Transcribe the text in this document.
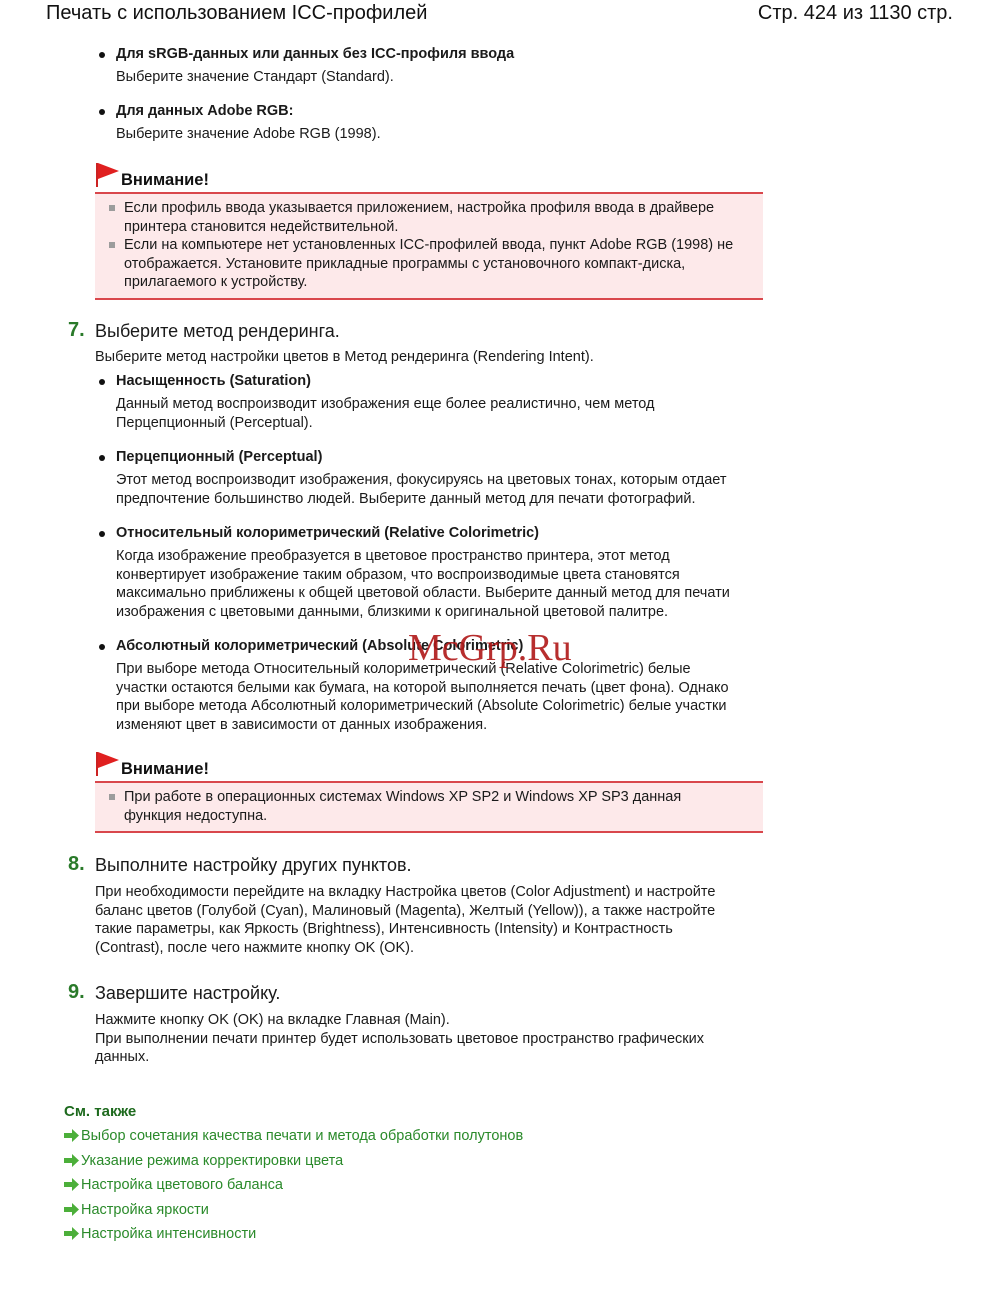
Печать с использованием ICC-профилей	Стр. 424 из 1130 стр.
Для sRGB-данных или данных без ICC-профиля ввода
Выберите значение Стандарт (Standard).
Для данных Adobe RGB:
Выберите значение Adobe RGB (1998).
Внимание!
Если профиль ввода указывается приложением, настройка профиля ввода в драйвере
принтера становится недействительной.
Если на компьютере нет установленных ICC-профилей ввода, пункт Adobe RGB (1998) не
отображается. Установите прикладные программы с установочного компакт-диска,
прилагаемого к устройству.
7. Выберите метод рендеринга.
Выберите метод настройки цветов в Метод рендеринга (Rendering Intent).
Насыщенность (Saturation)
Данный метод воспроизводит изображения еще более реалистично, чем метод
Перцепционный (Perceptual).
Перцепционный (Perceptual)
Этот метод воспроизводит изображения, фокусируясь на цветовых тонах, которым отдает
предпочтение большинство людей. Выберите данный метод для печати фотографий.
Относительный колориметрический (Relative Colorimetric)
Когда изображение преобразуется в цветовое пространство принтера, этот метод
конвертирует изображение таким образом, что воспроизводимые цвета становятся
максимально приближены к общей цветовой области. Выберите данный метод для печати
изображения с цветовыми данными, близкими к оригинальной цветовой палитре.
Абсолютный колориметрический (Absolute Colorimetric)
При выборе метода Относительный колориметрический (Relative Colorimetric) белые
участки остаются белыми как бумага, на которой выполняется печать (цвет фона). Однако
при выборе метода Абсолютный колориметрический (Absolute Colorimetric) белые участки
изменяют цвет в зависимости от данных изображения.
McGrp.Ru
Внимание!
При работе в операционных системах Windows XP SP2 и Windows XP SP3 данная
функция недоступна.
8. Выполните настройку других пунктов.
При необходимости перейдите на вкладку Настройка цветов (Color Adjustment) и настройте
баланс цветов (Голубой (Cyan), Малиновый (Magenta), Желтый (Yellow)), а также настройте
такие параметры, как Яркость (Brightness), Интенсивность (Intensity) и Контрастность
(Contrast), после чего нажмите кнопку OK (OK).
9. Завершите настройку.
Нажмите кнопку OK (OK) на вкладке Главная (Main).
При выполнении печати принтер будет использовать цветовое пространство графических
данных.
См. также
Выбор сочетания качества печати и метода обработки полутонов
Указание режима корректировки цвета
Настройка цветового баланса
Настройка яркости
Настройка интенсивности
